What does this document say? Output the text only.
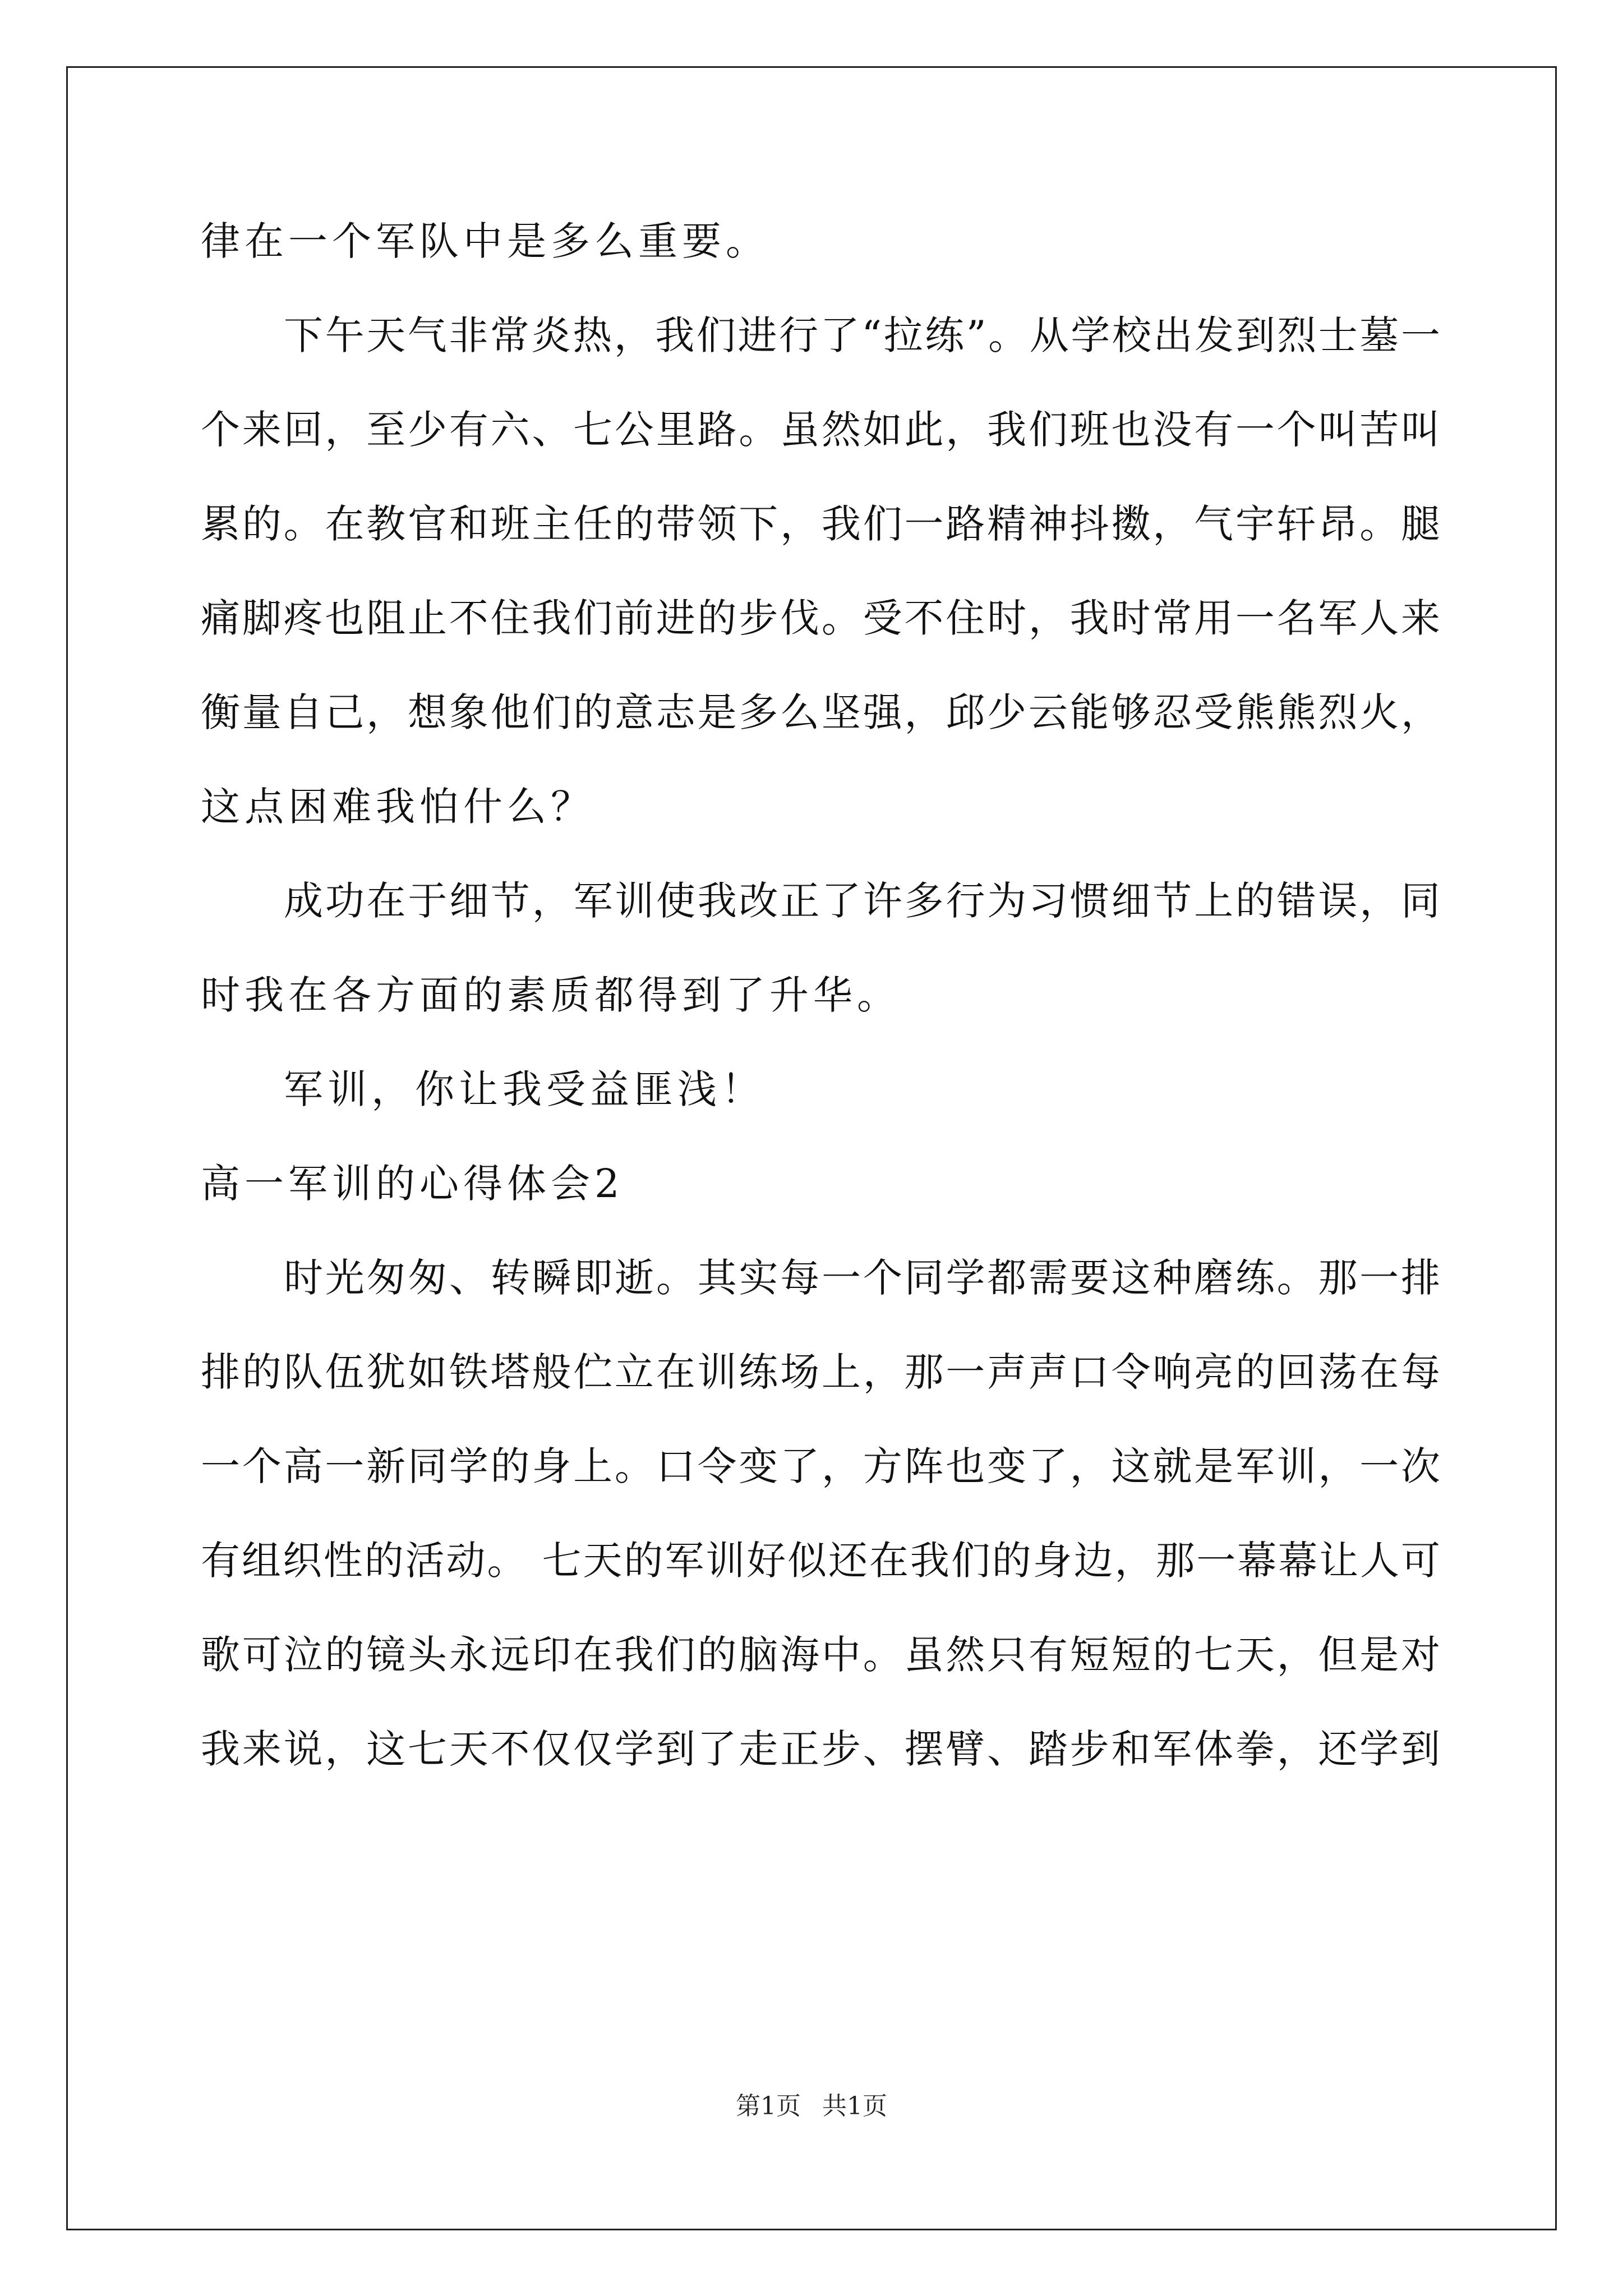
律在一个军队中是多么重要。
下午天气非常炎热，我们进行了“拉练”。从学校出发到烈士墓一
个来回，至少有六、七公里路。虽然如此，我们班也没有一个叫苦叫
累的。在教官和班主任的带领下，我们一路精神抖擞，气宇轩昂。腿
痛脚疼也阻止不住我们前进的步伐。受不住时，我时常用一名军人来
衡量自己，想象他们的意志是多么坚强，邱少云能够忍受熊熊烈火，
这点困难我怕什么？
成功在于细节，军训使我改正了许多行为习惯细节上的错误，同
时我在各方面的素质都得到了升华。
军训，你让我受益匪浅！
高一军训的心得体会2
时光匆匆、转瞬即逝。其实每一个同学都需要这种磨练。那一排
排的队伍犹如铁塔般伫立在训练场上，那一声声口令响亮的回荡在每
一个高一新同学的身上。口令变了，方阵也变了，这就是军训，一次
有组织性的活动。 七天的军训好似还在我们的身边，那一幕幕让人可
歌可泣的镜头永远印在我们的脑海中。虽然只有短短的七天，但是对
我来说，这七天不仅仅学到了走正步、摆臂、踏步和军体拳，还学到
第1页 共1页
